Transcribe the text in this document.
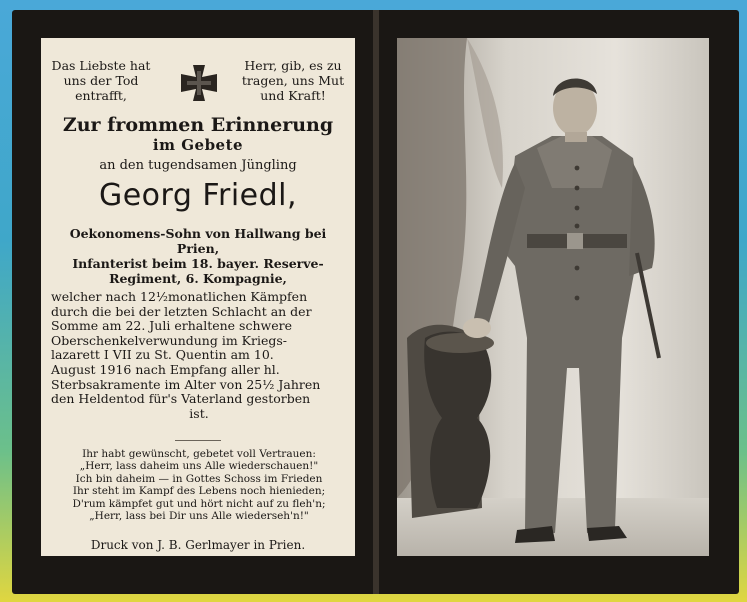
Das Liebste hat
uns der Tod
entrafft,
Herr, gib, es zu
tragen, uns Mut
und Kraft!
Zur frommen Erinnerung
im Gebete
an den tugendsamen Jüngling
Georg Friedl,
Oekonomens-Sohn von Hallwang bei
Prien,
Infanterist beim 18. bayer. Reserve-
Regiment, 6. Kompagnie,
welcher nach 12½monatlichen Kämpfen
durch die bei der letzten Schlacht an der
Somme am 22. Juli erhaltene schwere
Oberschenkelverwundung im Kriegs-
lazarett I VII zu St. Quentin am 10.
August 1916 nach Empfang aller hl.
Sterbsakramente im Alter von 25½ Jahren
den Heldentod für's Vaterland gestorben
ist.
Ihr habt gewünscht, gebetet voll Vertrauen:
„Herr, lass daheim uns Alle wiederschauen!"
Ich bin daheim — in Gottes Schoss im Frieden
Ihr steht im Kampf des Lebens noch hienieden;
D'rum kämpfet gut und hört nicht auf zu fleh'n;
„Herr, lass bei Dir uns Alle wiederseh'n!"
Druck von J. B. Gerlmayer in Prien.
